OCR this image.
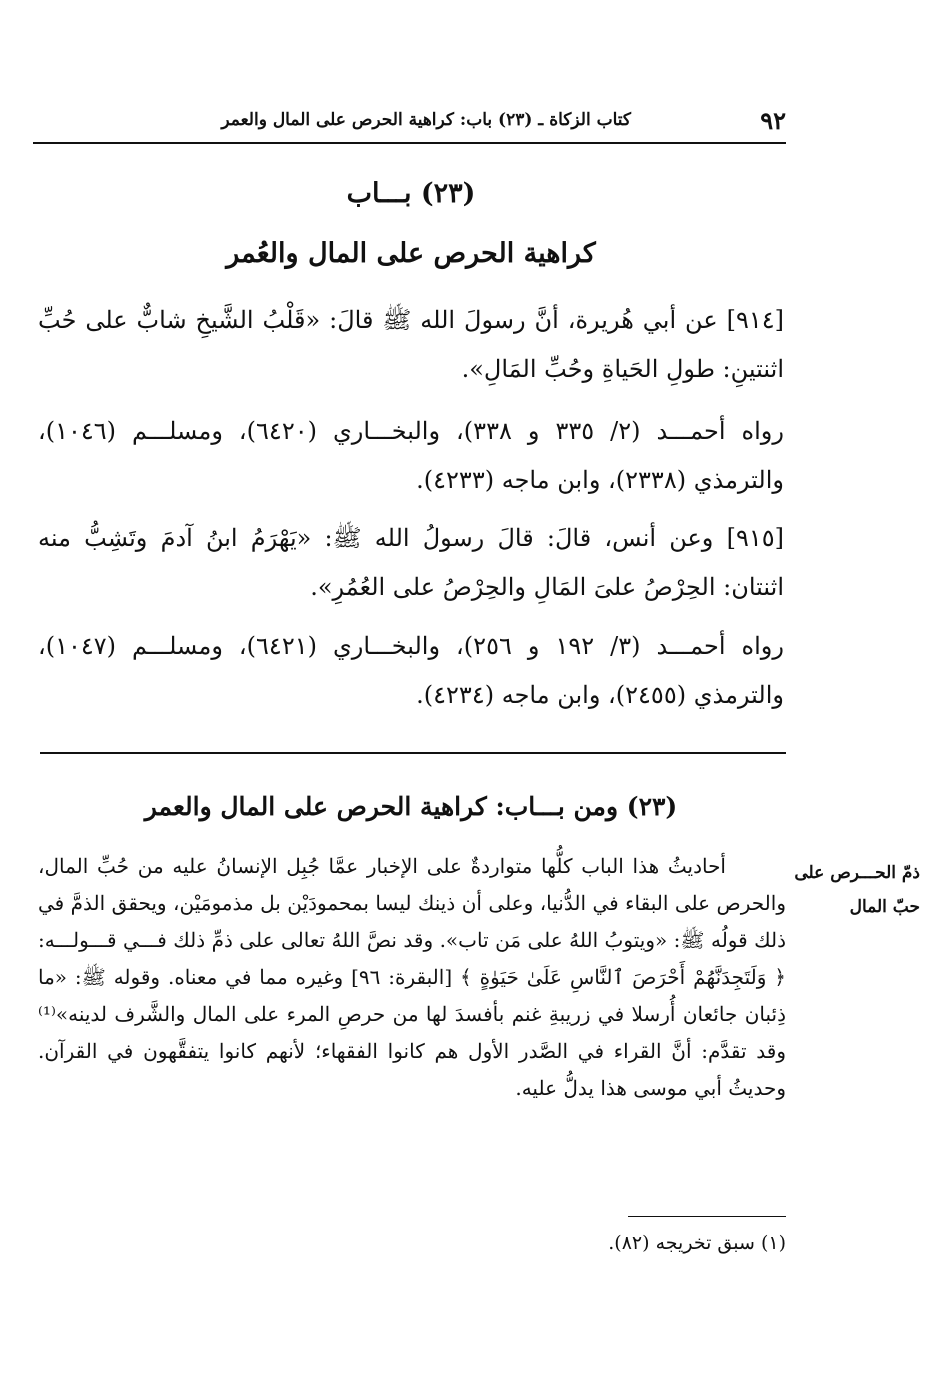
٩٢
كتاب الزكاة ـ (٢٣) باب: كراهية الحرص على المال والعمر
(٢٣) بـــاب
كراهية الحرص على المال والعُمر
[٩١٤] عن أبي هُريرة، أنَّ رسولَ الله ﷺ قالَ: «قَلْبُ الشَّيخِ شابٌّ على حُبِّ اثنتينِ: طولِ الحَياةِ وحُبِّ المَالِ».
رواه أحمـــد (٢/ ٣٣٥ و ٣٣٨)، والبخـــاري (٦٤٢٠)، ومسلـــم (١٠٤٦)، والترمذي (٢٣٣٨)، وابن ماجه (٤٢٣٣).
[٩١٥] وعن أنس، قالَ: قالَ رسولُ الله ﷺ: «يَهْرَمُ ابنُ آدمَ وتَشِبُّ منه اثنتان: الحِرْصُ علىَ المَالِ والحِرْصُ على العُمُرِ».
رواه أحمـــد (٣/ ١٩٢ و ٢٥٦)، والبخـــاري (٦٤٢١)، ومسلـــم (١٠٤٧)، والترمذي (٢٤٥٥)، وابن ماجه (٤٢٣٤).
(٢٣) ومن بـــاب: كراهية الحرص على المال والعمر
ذمّ الحـــرص على حبّ المال
أحاديثُ هذا الباب كلُّها متواردةٌ على الإخبار عمَّا جُبِل الإنسانُ عليه من حُبِّ المال، والحرص على البقاء في الدُّنيا، وعلى أن ذينك ليسا بمحمودَيْن بل مذمومَيْن، ويحقق الذمَّ في ذلك قولُه ﷺ: «ويتوبُ اللهُ على مَن تاب». وقد نصَّ اللهُ تعالى على ذمِّ ذلك فـــي قـــولـــه: ﴿ وَلَتَجِدَنَّهُمْ أَحْرَصَ ٱلنَّاسِ عَلَىٰ حَيَوٰةٍ ﴾ [البقرة: ٩٦] وغيره مما في معناه. وقوله ﷺ: «ما ذِئبان جائعان أُرسلا في زريبةِ غنم بأفسدَ لها من حرصِ المرء على المال والشَّرف لدينه»⁽¹⁾ وقد تقدَّم: أنَّ القراء في الصَّدر الأول هم كانوا الفقهاء؛ لأنهم كانوا يتفقَّهون في القرآن. وحديثُ أبي موسى هذا يدلُّ عليه.
(١) سبق تخريجه (٨٢).
